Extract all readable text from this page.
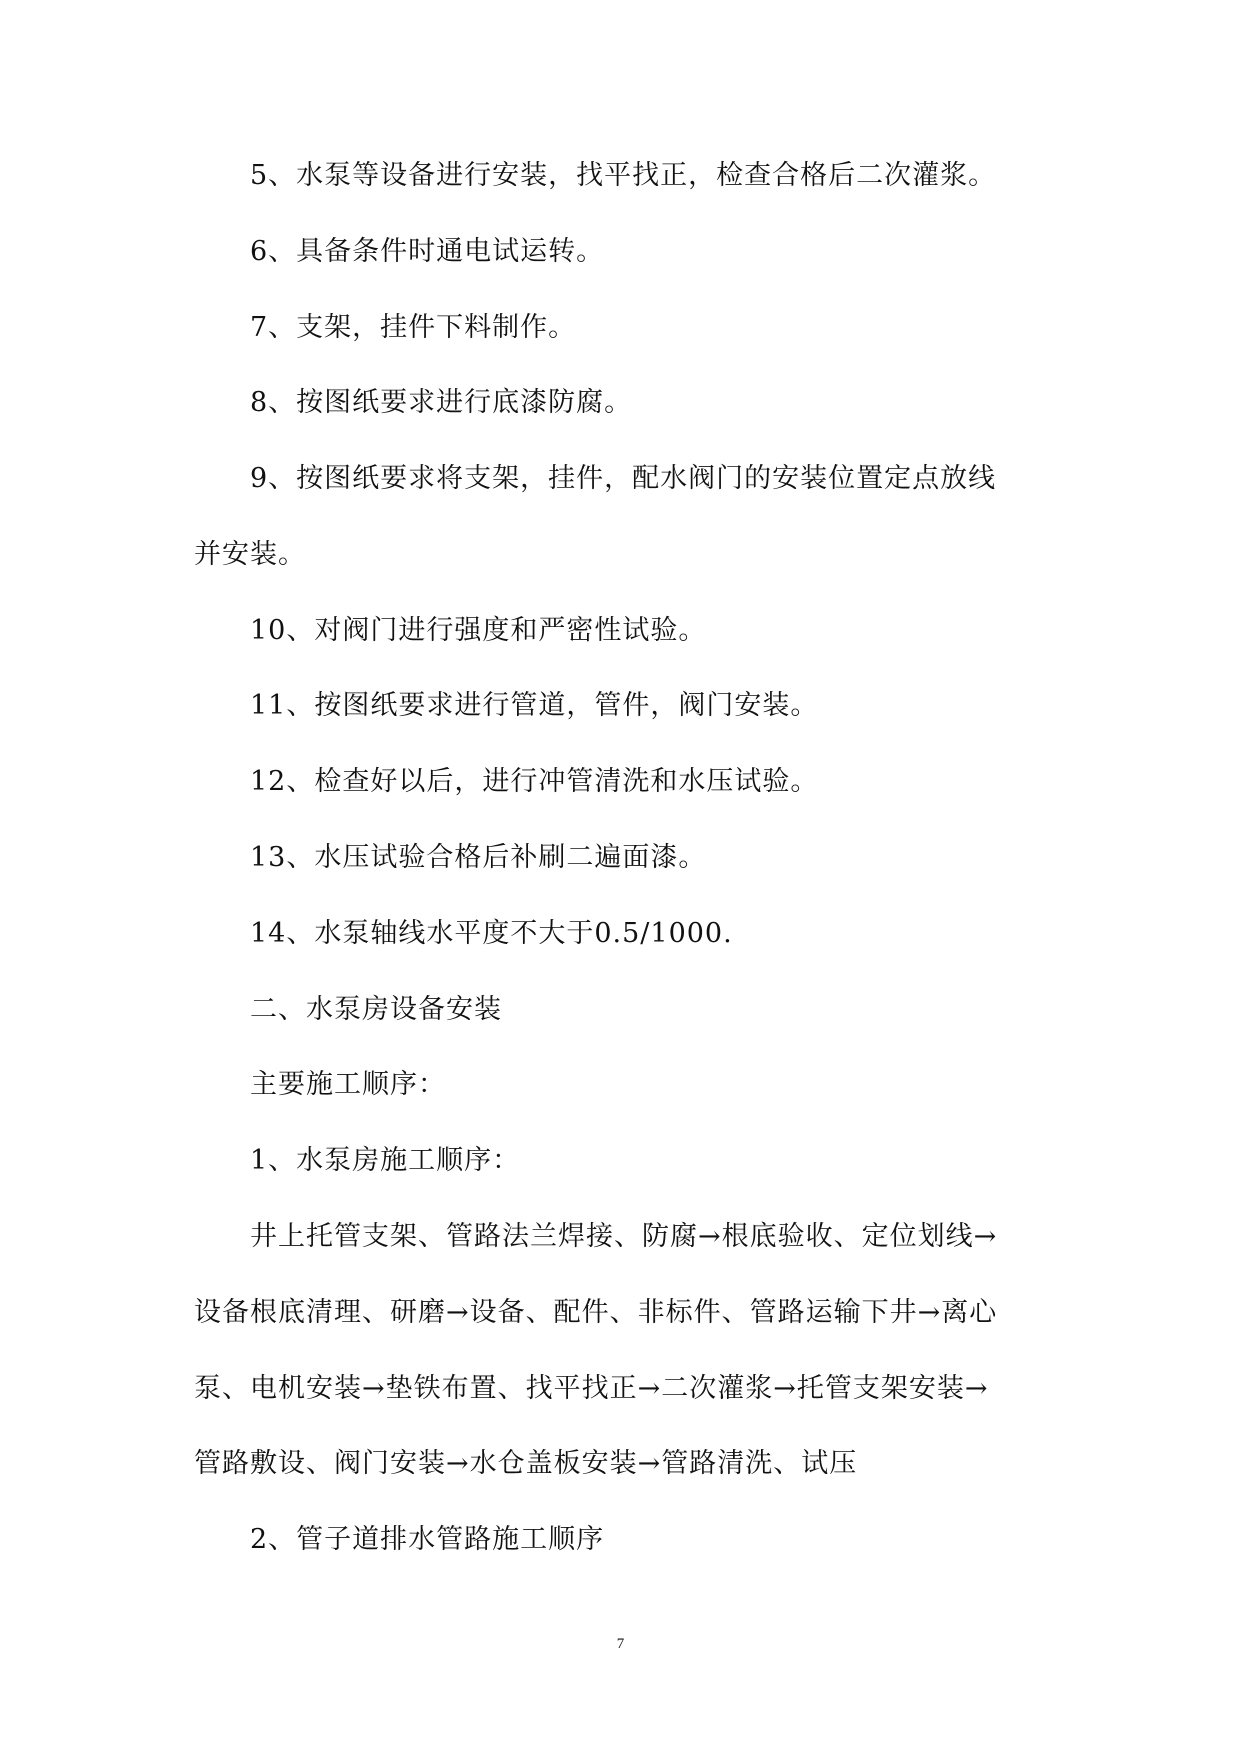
5、水泵等设备进行安装，找平找正，检查合格后二次灌浆。
6、具备条件时通电试运转。
7、支架，挂件下料制作。
8、按图纸要求进行底漆防腐。
9、按图纸要求将支架，挂件，配水阀门的安装位置定点放线
并安装。
10、对阀门进行强度和严密性试验。
11、按图纸要求进行管道，管件，阀门安装。
12、检查好以后，进行冲管清洗和水压试验。
13、水压试验合格后补刷二遍面漆。
14、水泵轴线水平度不大于0.5/1000.
二、水泵房设备安装
主要施工顺序：
1、水泵房施工顺序：
井上托管支架、管路法兰焊接、防腐→根底验收、定位划线→
设备根底清理、研磨→设备、配件、非标件、管路运输下井→离心
泵、电机安装→垫铁布置、找平找正→二次灌浆→托管支架安装→
管路敷设、阀门安装→水仓盖板安装→管路清洗、试压
2、管子道排水管路施工顺序
7
